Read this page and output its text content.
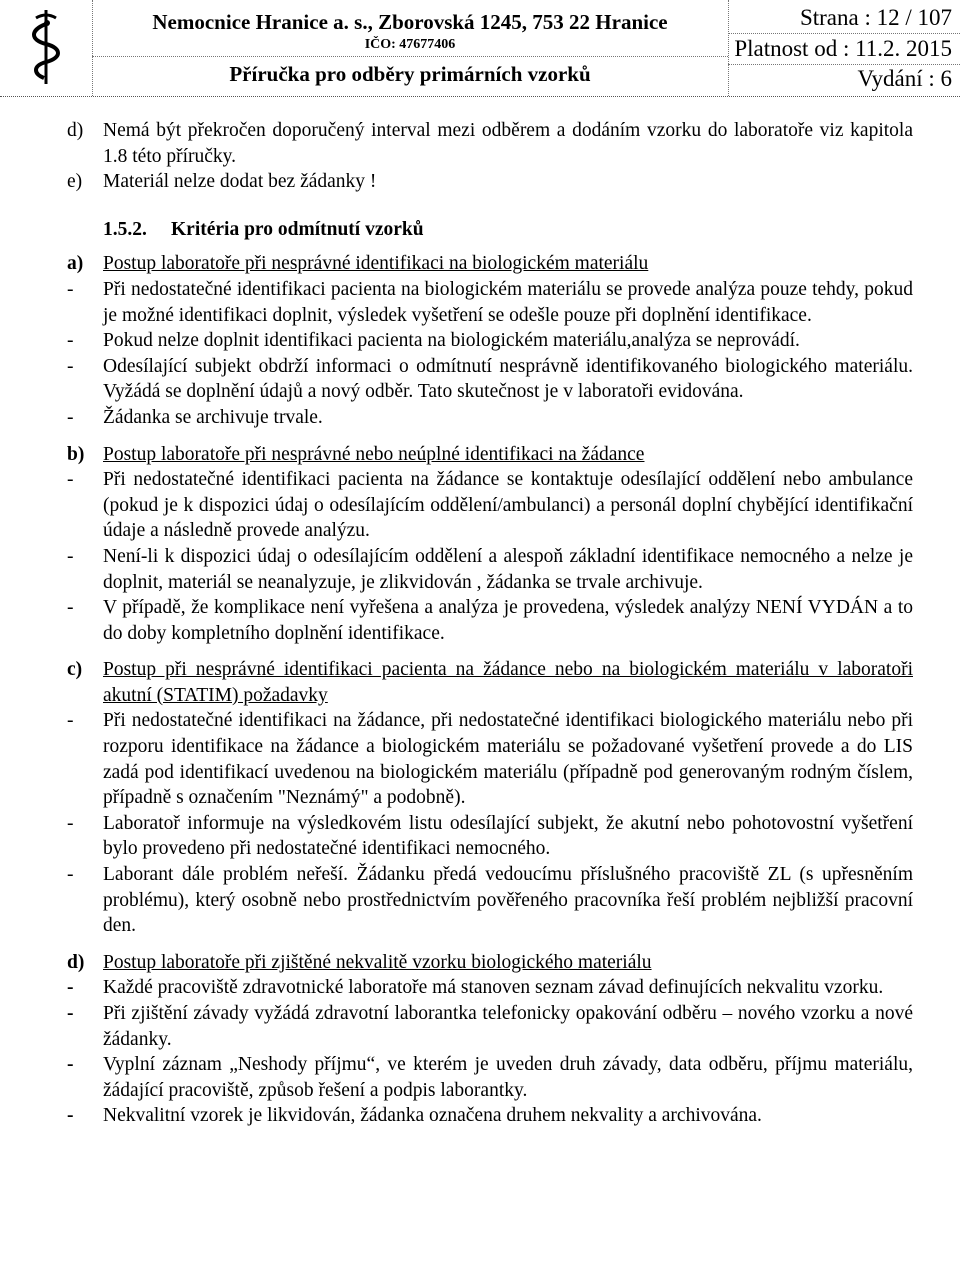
Nemocnice Hranice a. s., Zborovská 1245, 753 22 Hranice
IČO: 47677406
Příručka pro odběry primárních vzorků
Strana : 12 / 107
Platnost od : 11.2. 2015
Vydání : 6
d)	Nemá být překročen doporučený interval mezi odběrem a dodáním vzorku do laboratoře viz kapitola 1.8 této příručky.
e)	Materiál nelze dodat bez žádanky !
1.5.2. Kritéria pro odmítnutí vzorků
a)	Postup laboratoře při nesprávné identifikaci na biologickém materiálu
-	Při nedostatečné identifikaci pacienta na biologickém materiálu se provede analýza pouze tehdy, pokud je možné identifikaci doplnit, výsledek vyšetření se odešle pouze při doplnění identifikace.
-	Pokud nelze doplnit identifikaci pacienta na biologickém materiálu,analýza se neprovádí.
-	Odesílající subjekt obdrží informaci o odmítnutí nesprávně identifikovaného biologického materiálu. Vyžádá se doplnění údajů a nový odběr. Tato skutečnost je v laboratoři evidována.
-	Žádanka se archivuje trvale.
b) Postup laboratoře při nesprávné nebo neúplné identifikaci na žádance
-	Při nedostatečné identifikaci pacienta na žádance se kontaktuje odesílající oddělení nebo ambulance (pokud je k dispozici údaj o odesílajícím oddělení/ambulanci) a personál doplní chybějící identifikační údaje a následně provede analýzu.
-	Není-li k dispozici údaj o odesílajícím oddělení a alespoň základní identifikace nemocného a nelze je doplnit, materiál se neanalyzuje, je zlikvidován , žádanka se trvale archivuje.
-	V případě, že komplikace není vyřešena a analýza je provedena, výsledek analýzy NENÍ VYDÁN a to do doby kompletního doplnění identifikace.
c)	Postup při nesprávné identifikaci pacienta na žádance nebo na biologickém materiálu v laboratoři akutní (STATIM) požadavky
-	Při nedostatečné identifikaci na žádance, při nedostatečné identifikaci biologického materiálu nebo při rozporu identifikace na žádance a biologickém materiálu se požadované vyšetření provede a do LIS zadá pod identifikací uvedenou na biologickém materiálu (případně pod generovaným rodným číslem, případně s označením "Neznámý" a podobně).
-	Laboratoř informuje na výsledkovém listu odesílající subjekt, že akutní nebo pohotovostní vyšetření bylo provedeno při nedostatečné identifikaci nemocného.
-	Laborant dále problém neřeší. Žádanku předá vedoucímu příslušného pracoviště ZL (s upřesněním problému), který osobně nebo prostřednictvím pověřeného pracovníka řeší problém nejbližší pracovní den.
d) Postup laboratoře při zjištěné nekvalitě vzorku biologického materiálu
-	Každé pracoviště zdravotnické laboratoře má stanoven seznam závad definujících nekvalitu vzorku.
-	Při zjištění závady vyžádá zdravotní laborantka telefonicky opakování odběru – nového vzorku a nové žádanky.
-	Vyplní záznam „Neshody příjmu“, ve kterém je uveden druh závady, data odběru, příjmu materiálu, žádající pracoviště, způsob řešení a podpis laborantky.
-	Nekvalitní vzorek je likvidován, žádanka označena druhem nekvality a archivována.
